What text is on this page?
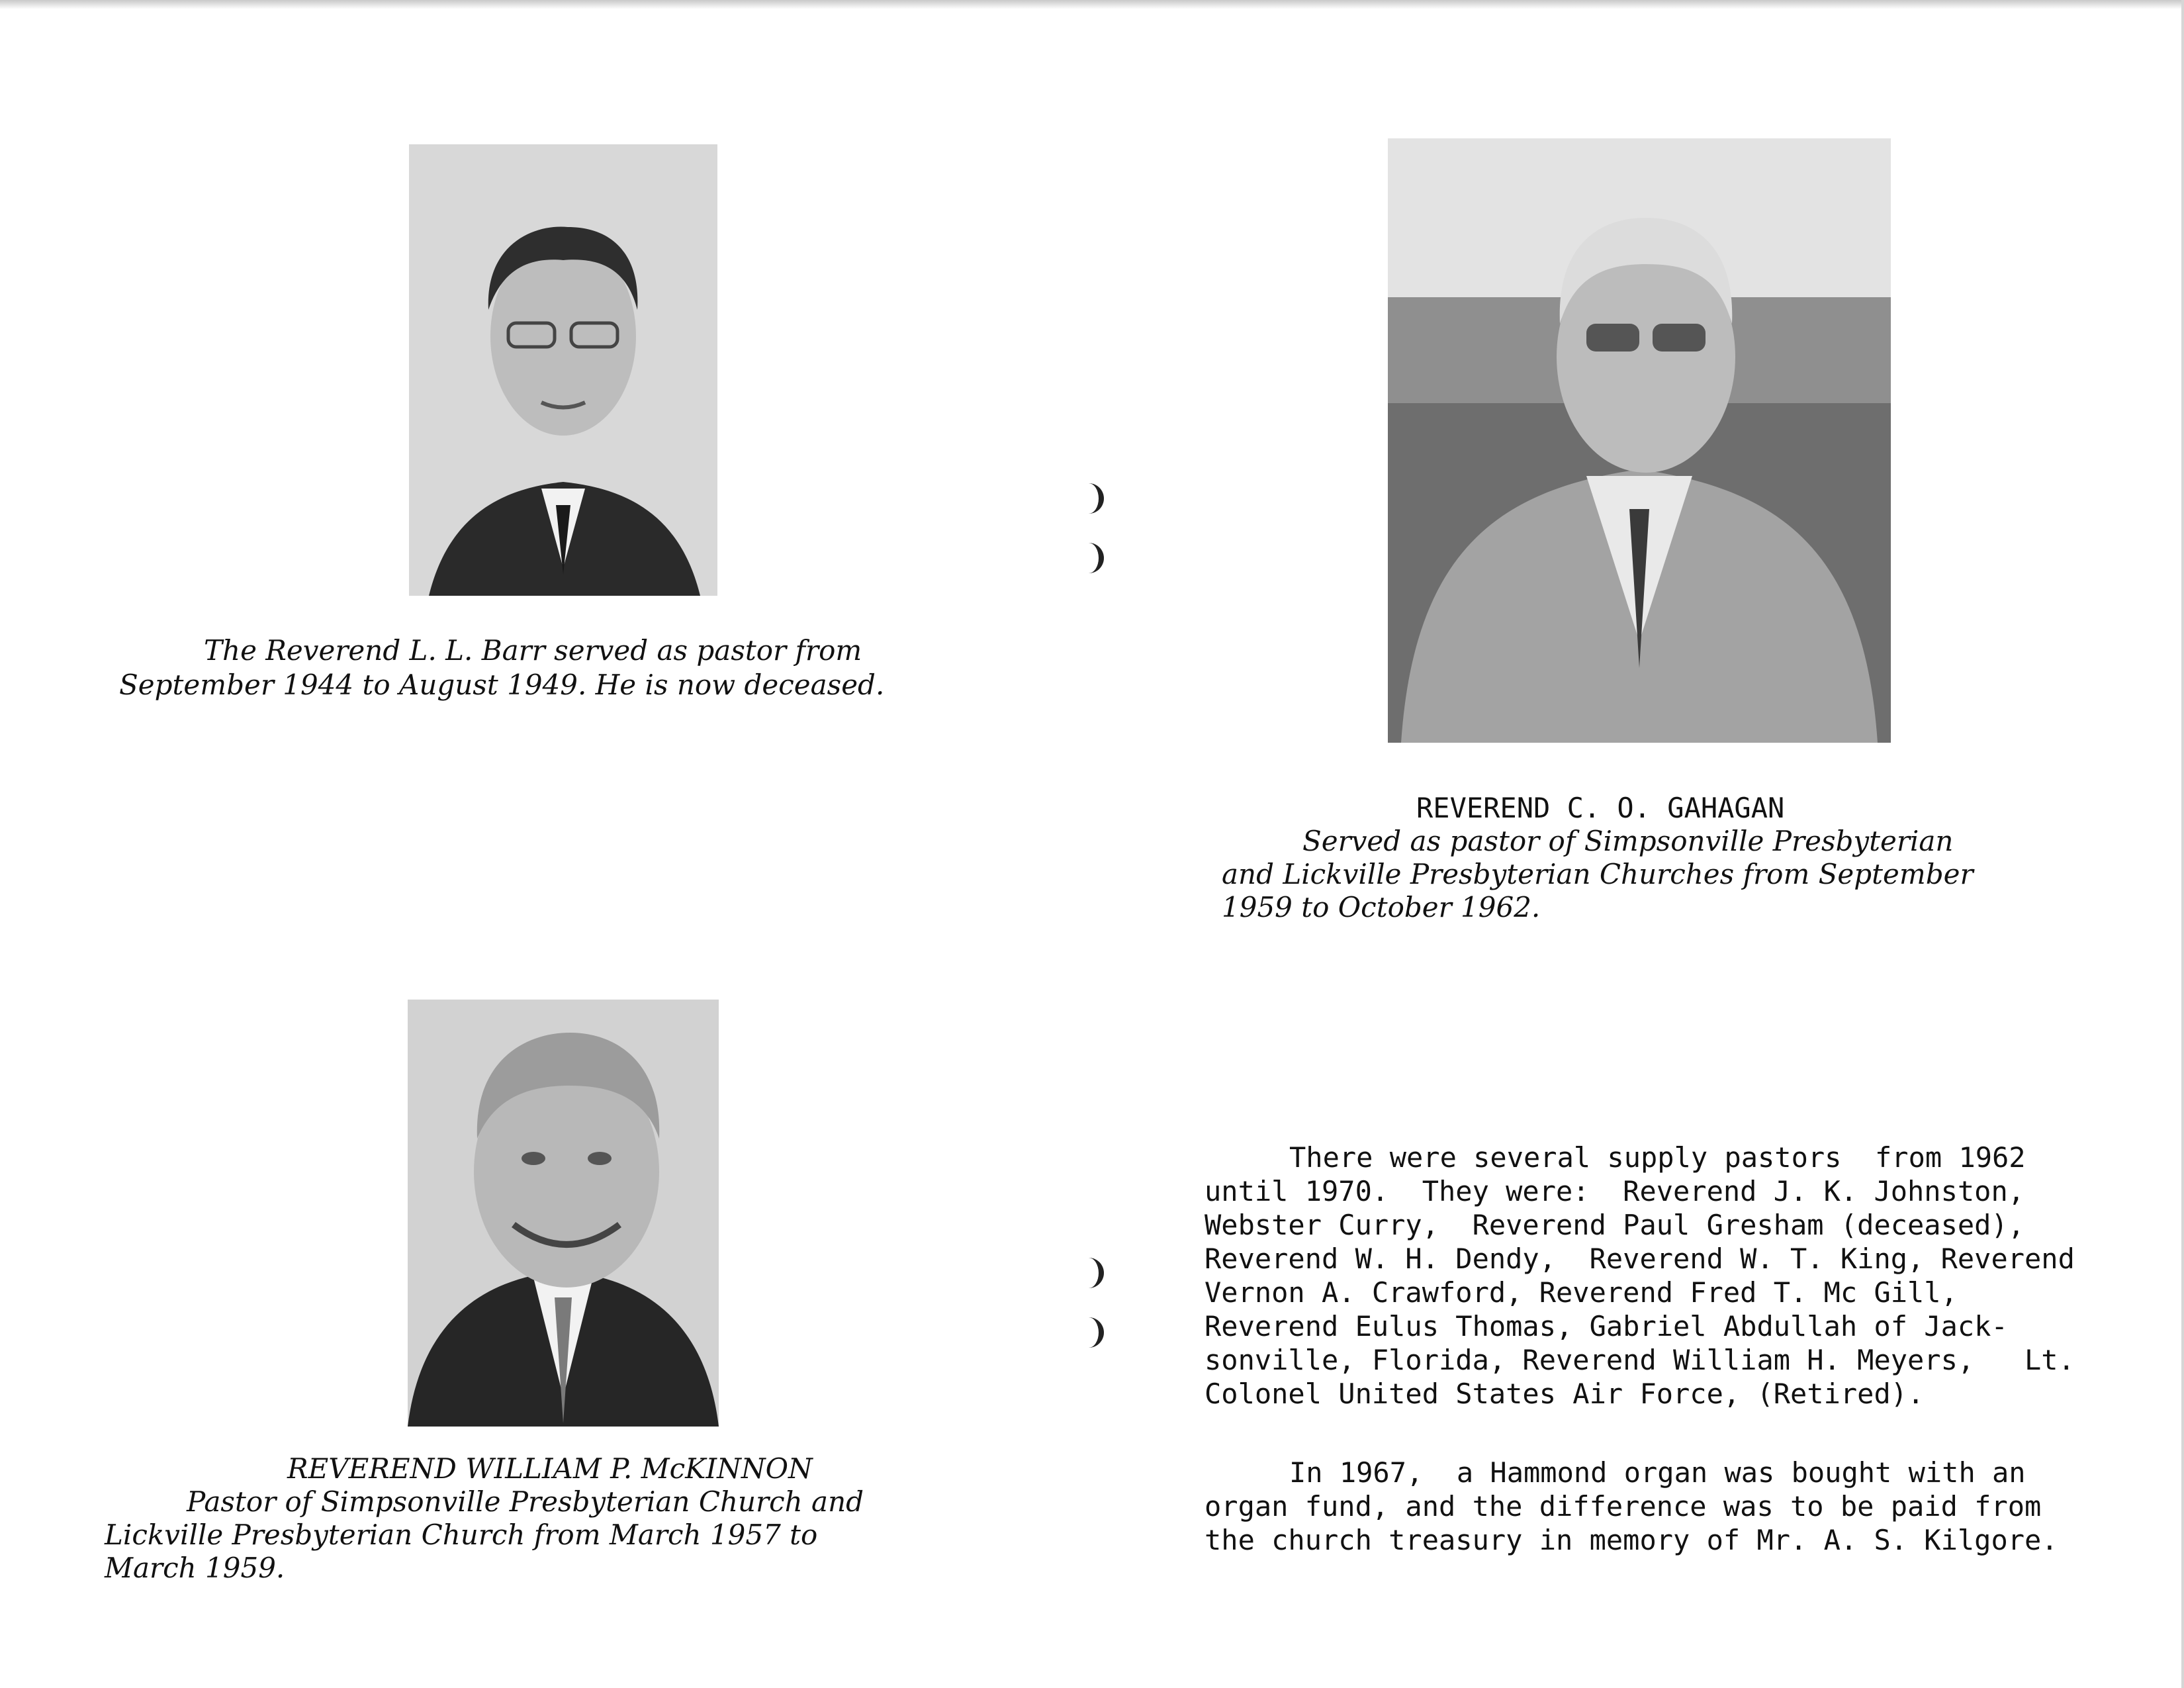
The Reverend L. L. Barr served as pastor from
September 1944 to August 1949. He is now deceased.
REVEREND C. O. GAHAGAN
Served as pastor of Simpsonville Presbyterian
and Lickville Presbyterian Churches from September
1959 to October 1962.
REVEREND WILLIAM P. McKINNON
Pastor of Simpsonville Presbyterian Church and
Lickville Presbyterian Church from March 1957 to
March 1959.
There were several supply pastors  from 1962
until 1970.  They were:  Reverend J. K. Johnston,
Webster Curry,  Reverend Paul Gresham (deceased),
Reverend W. H. Dendy,  Reverend W. T. King, Reverend
Vernon A. Crawford, Reverend Fred T. Mc Gill,
Reverend Eulus Thomas, Gabriel Abdullah of Jack-
sonville, Florida, Reverend William H. Meyers,   Lt.
Colonel United States Air Force, (Retired).
In 1967,  a Hammond organ was bought with an
organ fund, and the difference was to be paid from
the church treasury in memory of Mr. A. S. Kilgore.
